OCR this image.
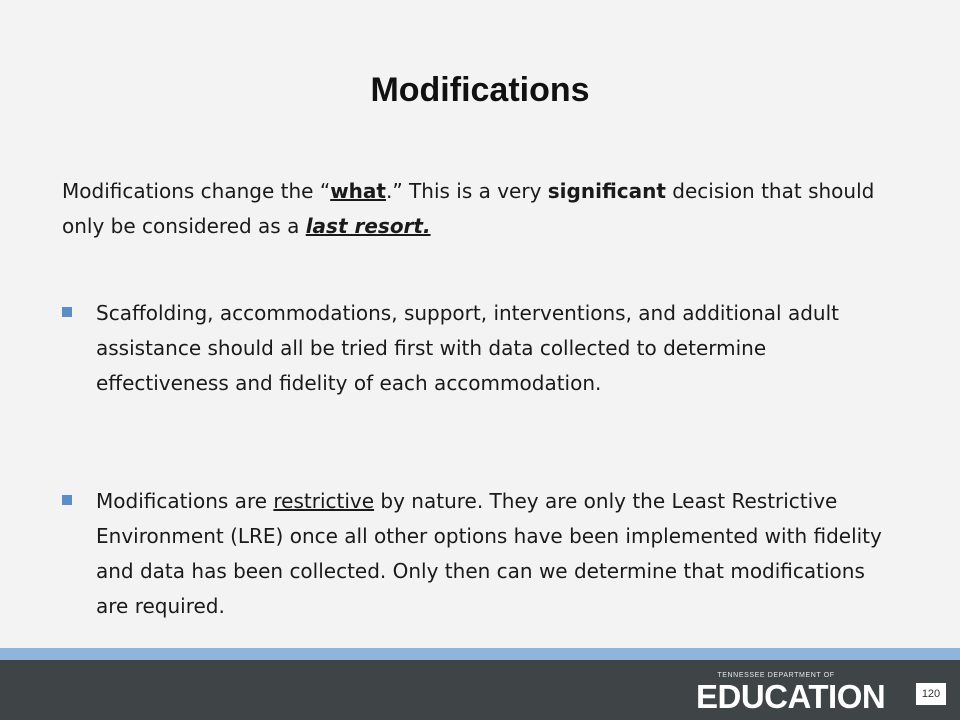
Modifications
Modifications change the “what.” This is a very significant decision that should only be considered as a last resort.
Scaffolding, accommodations, support, interventions, and additional adult assistance should all be tried first with data collected to determine effectiveness and fidelity of each accommodation.
Modifications are restrictive by nature. They are only the Least Restrictive Environment (LRE) once all other options have been implemented with fidelity and data has been collected. Only then can we determine that modifications are required.
TENNESSEE DEPARTMENT OF
EDUCATION	120
